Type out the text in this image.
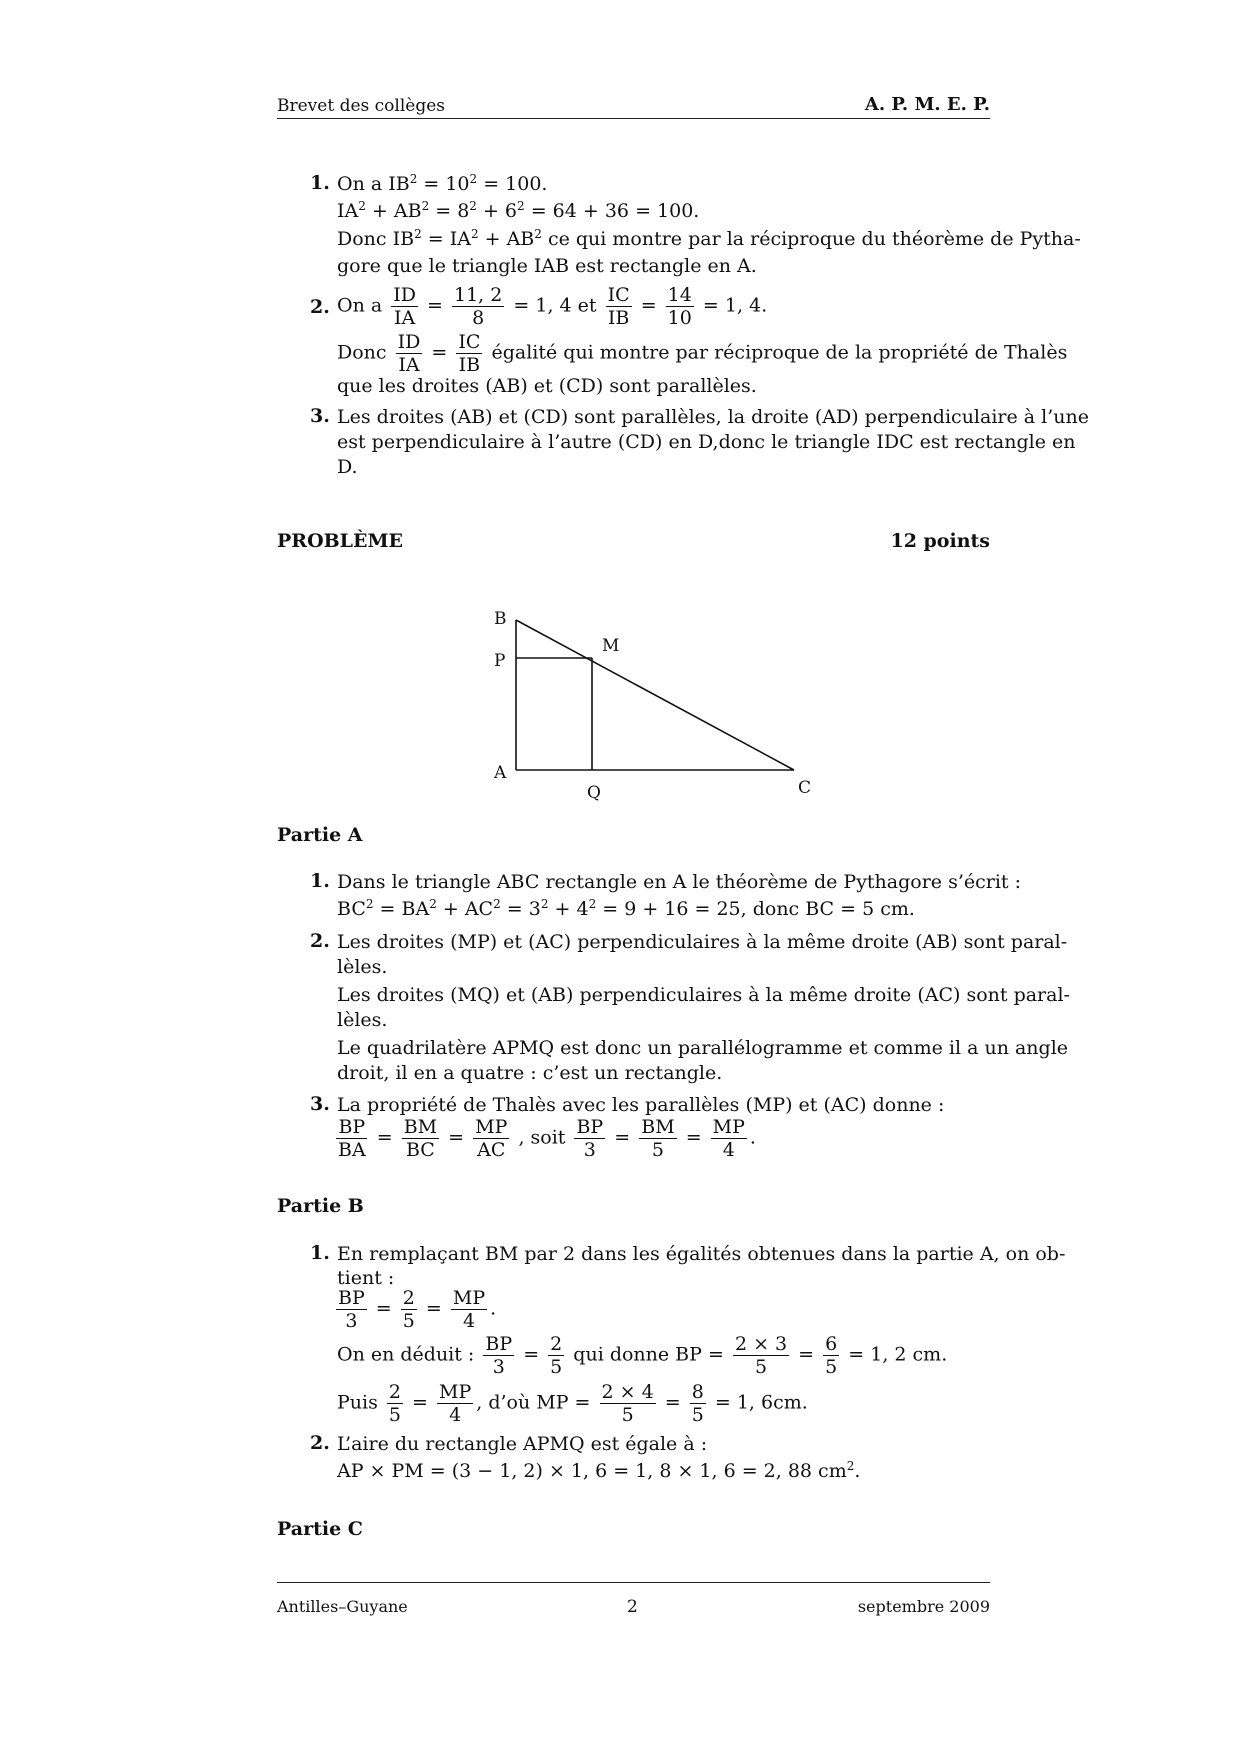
Brevet des collèges	A. P. M. E. P.
1. On a $IB^2 = 10^2 = 100$.
$IA^2 + AB^2 = 8^2 + 6^2 = 64 + 36 = 100$.
Donc $IB^2 = IA^2 + AB^2$ ce qui montre par la réciproque du théorème de Pytha-
gore que le triangle IAB est rectangle en A.
2. On a $\frac{ID}{IA} = \frac{11, 2}{8} = 1$, 4 et $\frac{IC}{IB} = \frac{14}{10} = 1$, 4.
Donc $\frac{ID}{IA} = \frac{IC}{IB}$ égalité qui montre par réciproque de la propriété de Thalès
que les droites (AB) et (CD) sont parallèles.
3. Les droites (AB) et (CD) sont parallèles, la droite (AD) perpendiculaire à l’une
est perpendiculaire à l’autre (CD) en D,donc le triangle IDC est rectangle en
D.
PROBLÈME	12 points
B
P
M
A
Q	C
Partie A
1. Dans le triangle ABC rectangle en A le théorème de Pythagore s’écrit :
$BC^2 = BA^2 + AC^2 = 3^2 + 4^2 = 9 + 16 = 25$, donc BC = 5 cm.
2. Les droites (MP) et (AC) perpendiculaires à la même droite (AB) sont paral-
lèles.
Les droites (MQ) et (AB) perpendiculaires à la même droite (AC) sont paral-
lèles.
Le quadrilatère APMQ est donc un parallélogramme et comme il a un angle
droit, il en a quatre : c’est un rectangle.
3. La propriété de Thalès avec les parallèles (MP) et (AC) donne :
$\frac{BP}{BA} = \frac{BM}{BC} = \frac{MP}{AC}$ , soit $\frac{BP}{3} = \frac{BM}{5} = \frac{MP}{4}$ .
Partie B
1. En remplaçant BM par 2 dans les égalités obtenues dans la partie A, on ob-
tient :
$\frac{BP}{3} = \frac{2}{5} = \frac{MP}{4}$ .
On en déduit : $\frac{BP}{3} = \frac{2}{5}$ qui donne BP = $\frac{2 \times 3}{5} = \frac{6}{5} = 1$, 2 cm.
Puis $\frac{2}{5} = \frac{MP}{4}$ , d’où MP = $\frac{2 \times 4}{5} = \frac{8}{5} = 1$, 6cm.
2. L’aire du rectangle APMQ est égale à :
AP × PM = (3 − 1, 2) × 1, 6 = 1, 8 × 1, 6 = 2, 88 $cm^2$.
Partie C
Antilles–Guyane	2	septembre 2009
